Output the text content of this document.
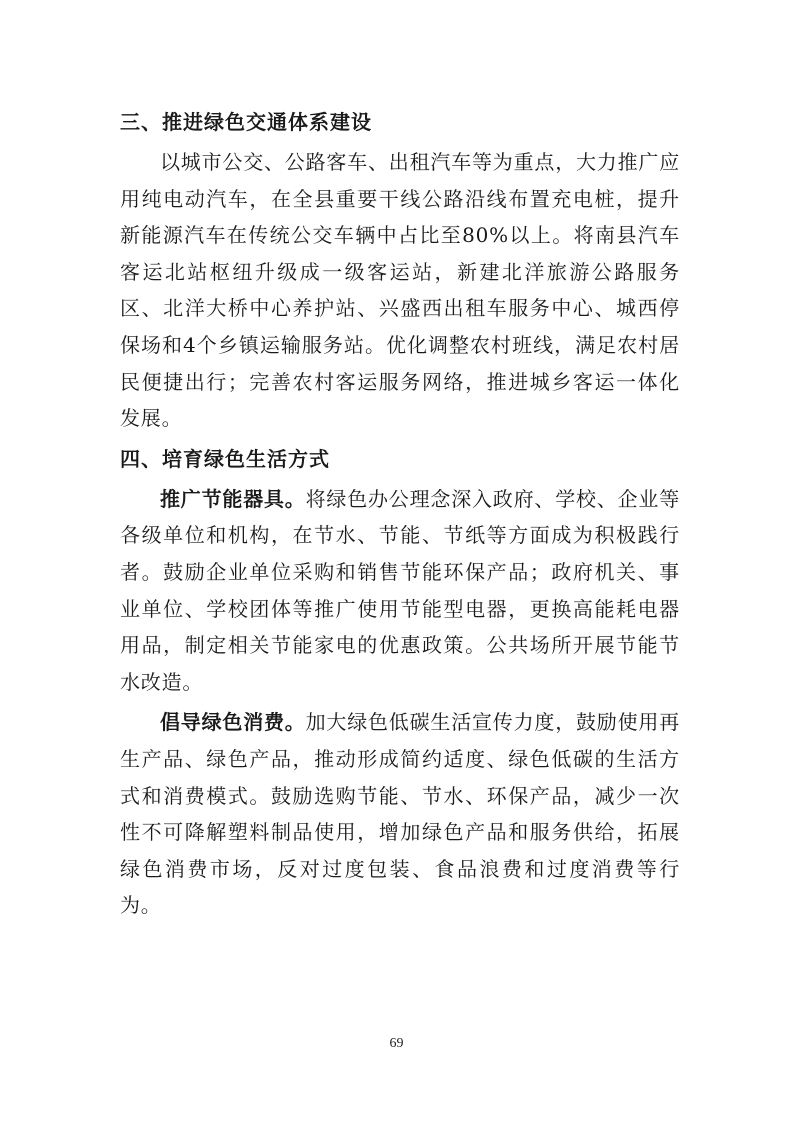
三、推进绿色交通体系建设

以城市公交、公路客车、出租汽车等为重点，大力推广应用纯电动汽车，在全县重要干线公路沿线布置充电桩，提升新能源汽车在传统公交车辆中占比至80%以上。将南县汽车客运北站枢纽升级成一级客运站，新建北洋旅游公路服务区、北洋大桥中心养护站、兴盛西出租车服务中心、城西停保场和4个乡镇运输服务站。优化调整农村班线，满足农村居民便捷出行；完善农村客运服务网络，推进城乡客运一体化发展。

四、培育绿色生活方式

推广节能器具。将绿色办公理念深入政府、学校、企业等各级单位和机构，在节水、节能、节纸等方面成为积极践行者。鼓励企业单位采购和销售节能环保产品；政府机关、事业单位、学校团体等推广使用节能型电器，更换高能耗电器用品，制定相关节能家电的优惠政策。公共场所开展节能节水改造。

倡导绿色消费。加大绿色低碳生活宣传力度，鼓励使用再生产品、绿色产品，推动形成简约适度、绿色低碳的生活方式和消费模式。鼓励选购节能、节水、环保产品，减少一次性不可降解塑料制品使用，增加绿色产品和服务供给，拓展绿色消费市场，反对过度包装、食品浪费和过度消费等行为。

69
